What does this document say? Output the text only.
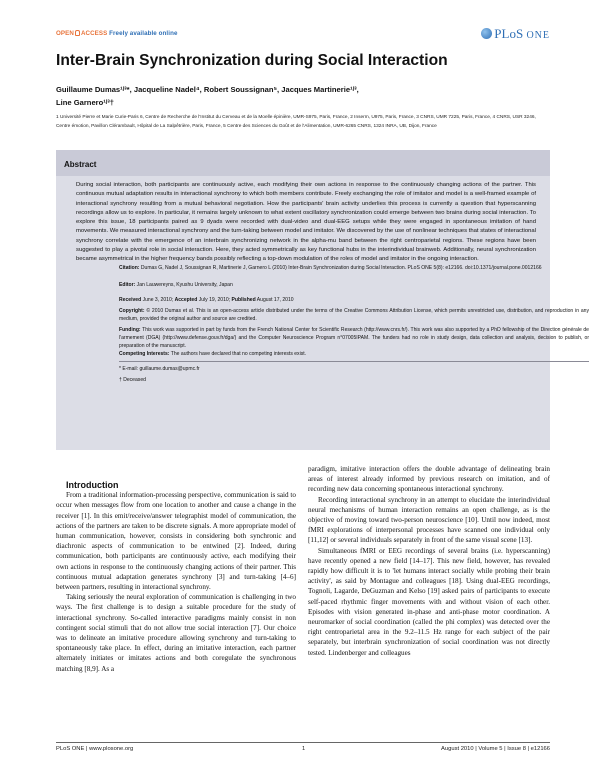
OPEN ACCESS Freely available online	PLoS ONE
Inter-Brain Synchronization during Social Interaction
Guillaume Dumas¹ʲ³*, Jacqueline Nadel⁴, Robert Soussignan⁵, Jacques Martinerie¹ʲ³,
Line Garnero¹ʲ³†
1 Université Pierre et Marie Curie-Paris 6, Centre de Recherche de l'Institut du Cerveau et de la Moelle épinière, UMR-S975, Paris, France, 2 Inserm, U975, Paris, France, 3 CNRS, UMR 7225, Paris, France, 4 CNRS, USR 3246, Centre émotion, Pavillon Clérambault, Hôpital de La Salpêtrière, Paris, France, 5 Centre des Sciences du Goût et de l'Alimentation, UMR-6265 CNRS, 1324 INRA, UB, Dijon, France
Abstract
During social interaction, both participants are continuously active, each modifying their own actions in response to the continuously changing actions of the partner. This continuous mutual adaptation results in interactional synchrony to which both members contribute. Freely exchanging the role of imitator and model is a well-framed example of interactional synchrony resulting from a mutual behavioral negotiation. How the participants' brain activity underlies this process is currently a question that hyperscanning recordings allow us to explore. In particular, it remains largely unknown to what extent oscillatory synchronization could emerge between two brains during social interaction. To explore this issue, 18 participants paired as 9 dyads were recorded with dual-video and dual-EEG setups while they were engaged in spontaneous imitation of hand movements. We measured interactional synchrony and the turn-taking between model and imitator. We discovered by the use of nonlinear techniques that states of interactional synchrony correlate with the emergence of an interbrain synchronizing network in the alpha-mu band between the right centroparietal regions. These regions have been suggested to play a pivotal role in social interaction. Here, they acted symmetrically as key functional hubs in the interindividual brainweb. Additionally, neural synchronization became asymmetrical in the higher frequency bands possibly reflecting a top-down modulation of the roles of model and imitator in the ongoing interaction.
Citation: Dumas G, Nadel J, Soussignan R, Martinerie J, Garnero L (2010) Inter-Brain Synchronization during Social Interaction. PLoS ONE 5(8): e12166. doi:10.1371/journal.pone.0012166
Editor: Jan Lauwereyns, Kyushu University, Japan
Received June 3, 2010; Accepted July 19, 2010; Published August 17, 2010
Copyright: © 2010 Dumas et al. This is an open-access article distributed under the terms of the Creative Commons Attribution License, which permits unrestricted use, distribution, and reproduction in any medium, provided the original author and source are credited.
Funding: This work was supported in part by funds from the French National Center for Scientific Research (http://www.cnrs.fr/). This work was also supported by a PhD fellowship of the Direction générale de l'armement (DGA) (http://www.defense.gouv.fr/dga/) and the Computer Neuroscience Program n°07005IPAM. The funders had no role in study design, data collection and analysis, decision to publish, or preparation of the manuscript.
Competing Interests: The authors have declared that no competing interests exist.
* E-mail: guillaume.dumas@upmc.fr
† Deceased

Introduction

From a traditional information-processing perspective, communication is said to occur when messages flow from one location to another and cause a change in the receiver [1]. In this emit/receive/answer telegraphist model of communication, the actions of the partners are taken to be discrete signals. A more appropriate model of human communication, however, consists in considering both synchronic and diachronic aspects of communication to be entwined [2]. Indeed, during communication, both participants are continuously active, each modifying their own actions in response to the continuously changing actions of their partner. This continuous mutual adaptation generates synchrony [3] and turn-taking [4–6] between partners, resulting in interactional synchrony.

Taking seriously the neural exploration of communication is challenging in two ways. The first challenge is to design a suitable procedure for the study of interactional synchrony. So-called interactive paradigms mainly consist in non contingent social stimuli that do not allow true social interaction [7]. Our choice was to delineate an imitative procedure allowing synchrony and turn-taking to spontaneously take place. In effect, during an imitative interaction, each partner alternately initiates or imitates actions and both coregulate the synchronous matching [8,9]. As a

paradigm, imitative interaction offers the double advantage of delineating brain areas of interest already informed by previous research on imitation, and of recording new data concerning spontaneous interactional synchrony.

Recording interactional synchrony in an attempt to elucidate the interindividual neural mechanisms of human interaction remains an open challenge, as is the objective of moving toward two-person neuroscience [10]. Until now indeed, most fMRI explorations of interpersonal processes have scanned one individual only [11,12] or several individuals separately in front of the same visual scene [13].

Simultaneous fMRI or EEG recordings of several brains (i.e. hyperscanning) have recently opened a new field [14–17]. This new field, however, has revealed rapidly how difficult it is to 'let humans interact socially while probing their brain activity', as said by Montague and colleagues [18]. Using dual-EEG recordings, Tognoli, Lagarde, DeGuzman and Kelso [19] asked pairs of participants to execute self-paced rhythmic finger movements with and without vision of each other. Episodes with vision generated in-phase and anti-phase motor coordination. A neuromarker of social coordination (called the phi complex) was detected over the right centroparietal area in the 9.2–11.5 Hz range for each subject of the pair separately, but interbrain synchronization of social coordination was not directly tested. Lindenberger and colleagues

PLoS ONE | www.plosone.org	1	August 2010 | Volume 5 | Issue 8 | e12166
